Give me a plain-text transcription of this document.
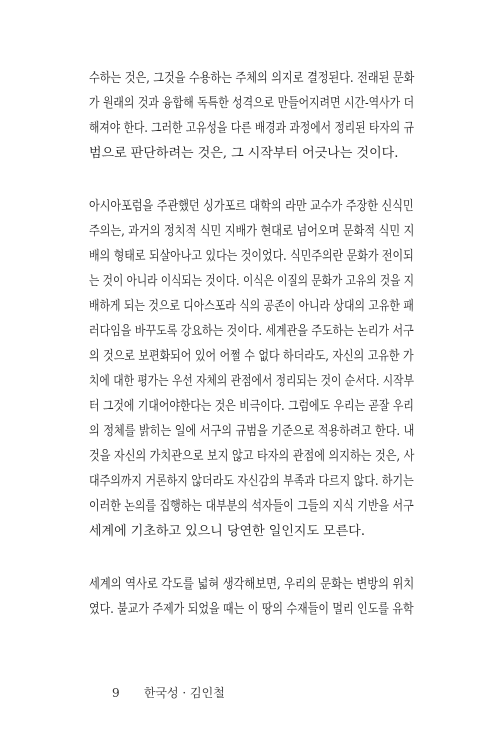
수하는 것은, 그것을 수용하는 주체의 의지로 결정된다. 전래된 문화

가 원래의 것과 융합해 독특한 성격으로 만들어지려면 시간-역사가 더

해져야 한다. 그러한 고유성을 다른 배경과 과정에서 정리된 타자의 규

범으로 판단하려는 것은, 그 시작부터 어긋나는 것이다.

아시아포럼을 주관했던 싱가포르 대학의 라만 교수가 주장한 신식민

주의는, 과거의 정치적 식민 지배가 현대로 넘어오며 문화적 식민 지

배의 형태로 되살아나고 있다는 것이었다. 식민주의란 문화가 전이되

는 것이 아니라 이식되는 것이다. 이식은 이질의 문화가 고유의 것을 지

배하게 되는 것으로 디아스포라 식의 공존이 아니라 상대의 고유한 패

러다임을 바꾸도록 강요하는 것이다. 세계관을 주도하는 논리가 서구

의 것으로 보편화되어 있어 어쩔 수 없다 하더라도, 자신의 고유한 가

치에 대한 평가는 우선 자체의 관점에서 정리되는 것이 순서다. 시작부

터 그것에 기대어야한다는 것은 비극이다. 그럼에도 우리는 곧잘 우리

의 정체를 밝히는 일에 서구의 규범을 기준으로 적용하려고 한다. 내

것을 자신의 가치관으로 보지 않고 타자의 관점에 의지하는 것은, 사

대주의까지 거론하지 않더라도 자신감의 부족과 다르지 않다. 하기는

이러한 논의를 집행하는 대부분의 석자들이 그들의 지식 기반을 서구

세계에 기초하고 있으니 당연한 일인지도 모른다.

세계의 역사로 각도를 넓혀 생각해보면, 우리의 문화는 변방의 위치

였다. 불교가 주제가 되었을 때는 이 땅의 수재들이 멀리 인도를 유학

9 한국성 · 김인철
